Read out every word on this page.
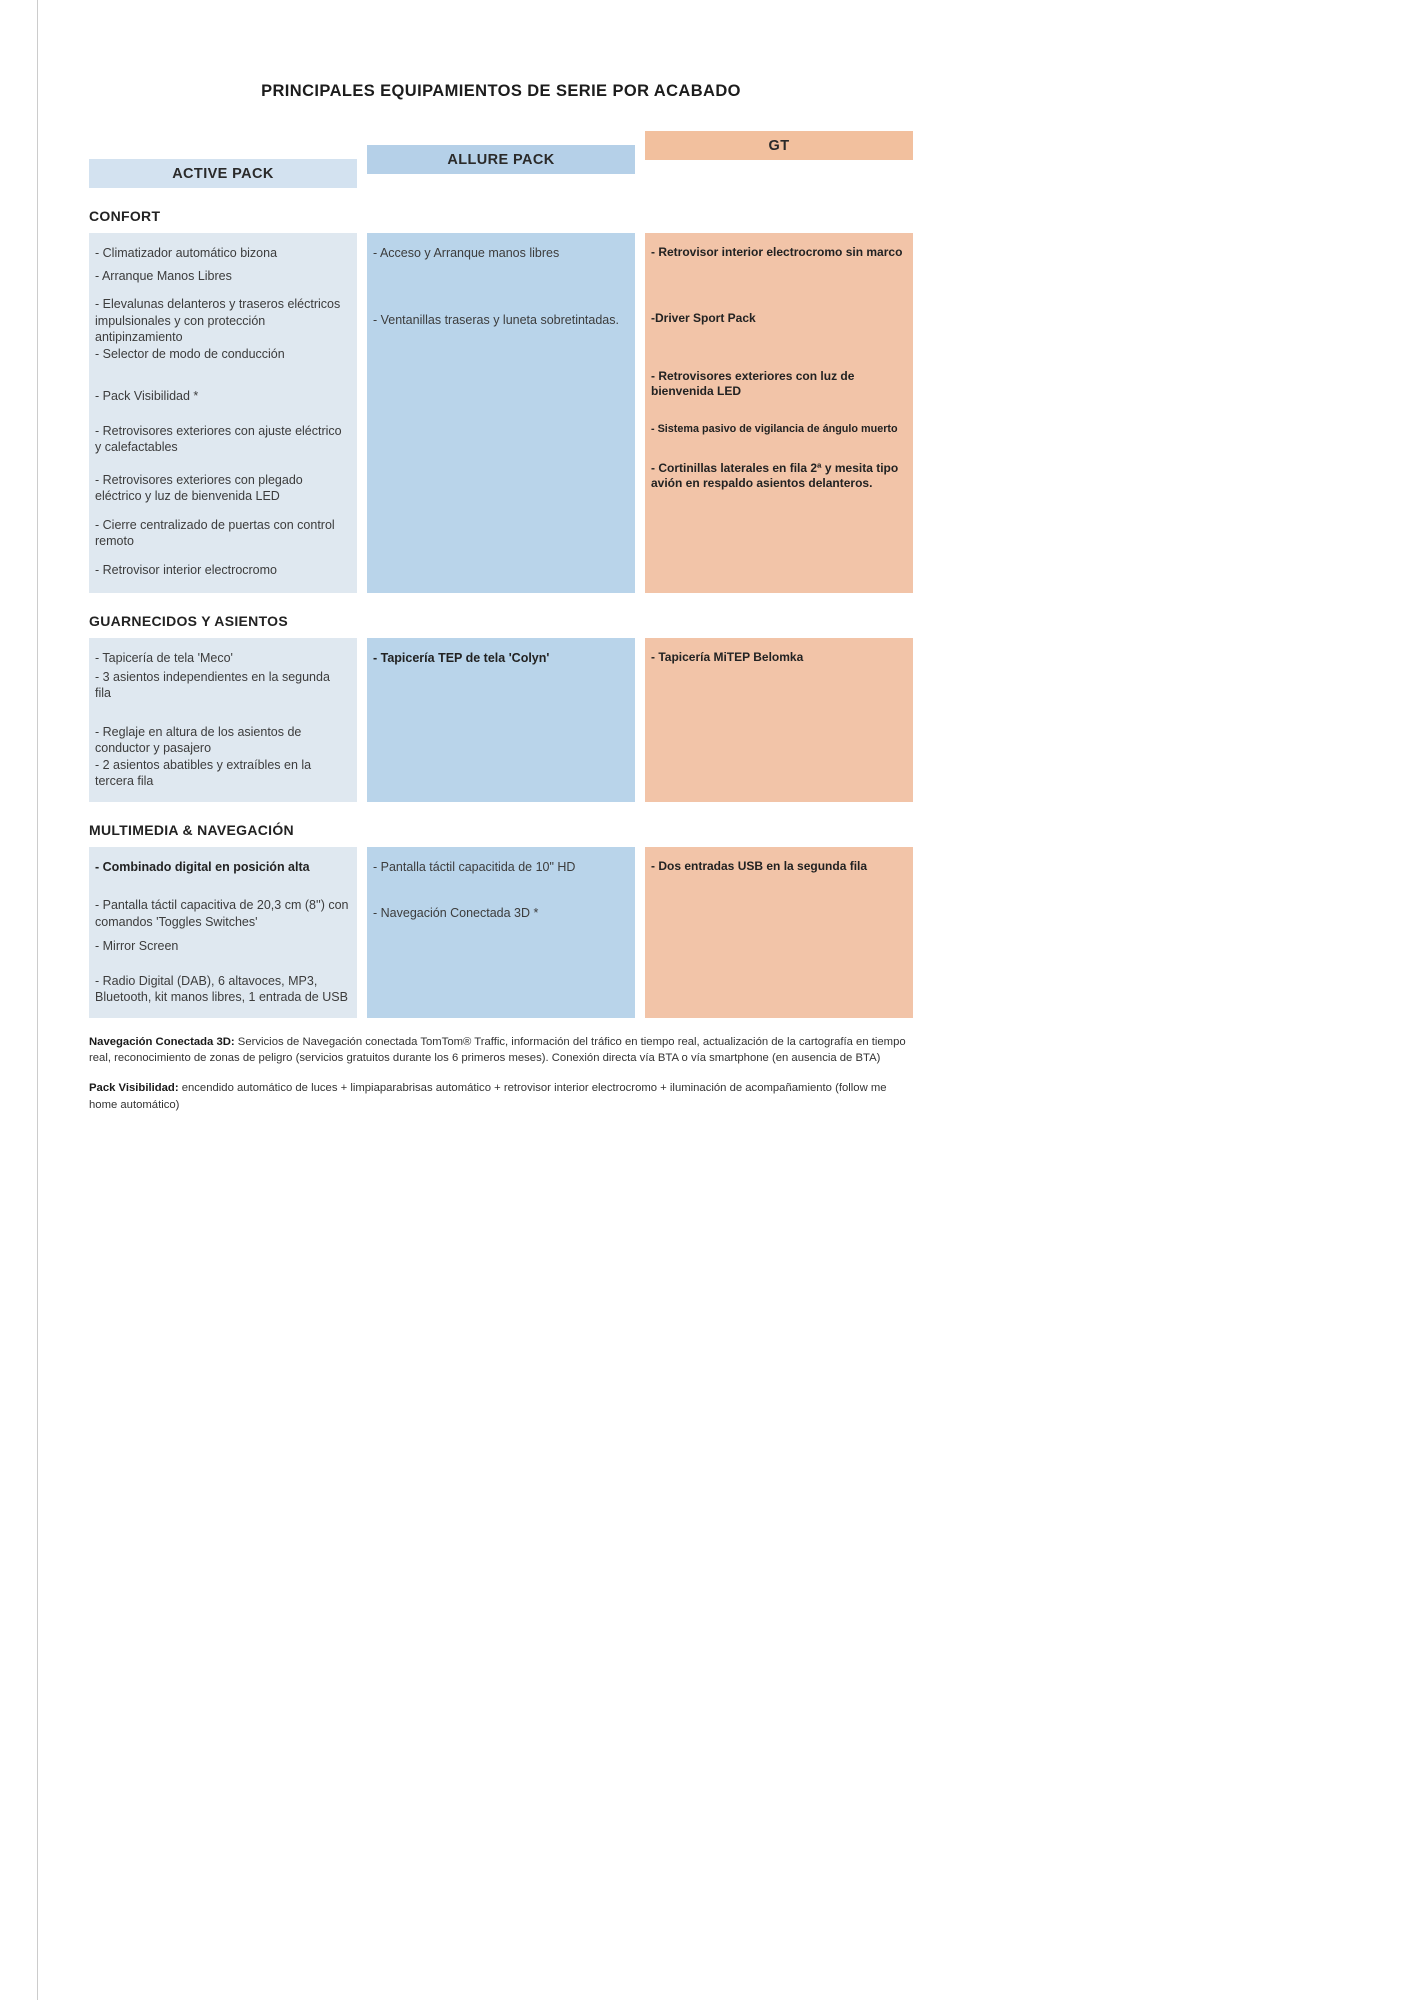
PRINCIPALES EQUIPAMIENTOS DE SERIE POR ACABADO
ACTIVE PACK
ALLURE PACK
GT
CONFORT
- Climatizador automático bizona
- Arranque Manos Libres
- Elevalunas delanteros y traseros eléctricos impulsionales y con protección antipinzamiento
- Selector de modo de conducción
- Pack Visibilidad *
- Retrovisores exteriores con ajuste eléctrico y calefactables
- Retrovisores exteriores con plegado eléctrico y luz de bienvenida LED
- Cierre centralizado de puertas con control remoto
- Retrovisor interior electrocromo
- Acceso y Arranque manos libres
- Ventanillas traseras y luneta sobretintadas.
- Retrovisor interior electrocromo sin marco
-Driver Sport Pack
- Retrovisores exteriores con luz de bienvenida LED
- Sistema pasivo de vigilancia de ángulo muerto
- Cortinillas laterales en fila 2ª y mesita tipo avión en respaldo asientos delanteros.
GUARNECIDOS Y ASIENTOS
- Tapicería de tela 'Meco'
- 3 asientos independientes en la segunda fila
- Reglaje en altura de los asientos de conductor y pasajero
- 2 asientos abatibles y extraíbles en la tercera fila
- Tapicería TEP de tela 'Colyn'	- Tapicería MiTEP Belomka
MULTIMEDIA & NAVEGACIÓN
- Combinado digital en posición alta
- Pantalla táctil capacitiva de 20,3 cm (8'') con comandos 'Toggles Switches'
- Mirror Screen
- Radio Digital (DAB), 6 altavoces, MP3, Bluetooth, kit manos libres, 1 entrada de USB
- Pantalla táctil capacitida de 10" HD
- Navegación Conectada 3D *
- Dos entradas USB en la segunda fila
Navegación Conectada 3D: Servicios de Navegación conectada TomTom® Traffic, información del tráfico en tiempo real, actualización de la cartografía en tiempo real, reconocimiento de zonas de peligro (servicios gratuitos durante los 6 primeros meses). Conexión directa vía BTA o vía smartphone (en ausencia de BTA)
Pack Visibilidad: encendido automático de luces + limpiaparabrisas automático + retrovisor interior electrocromo + iluminación de acompañamiento (follow me home automático)
